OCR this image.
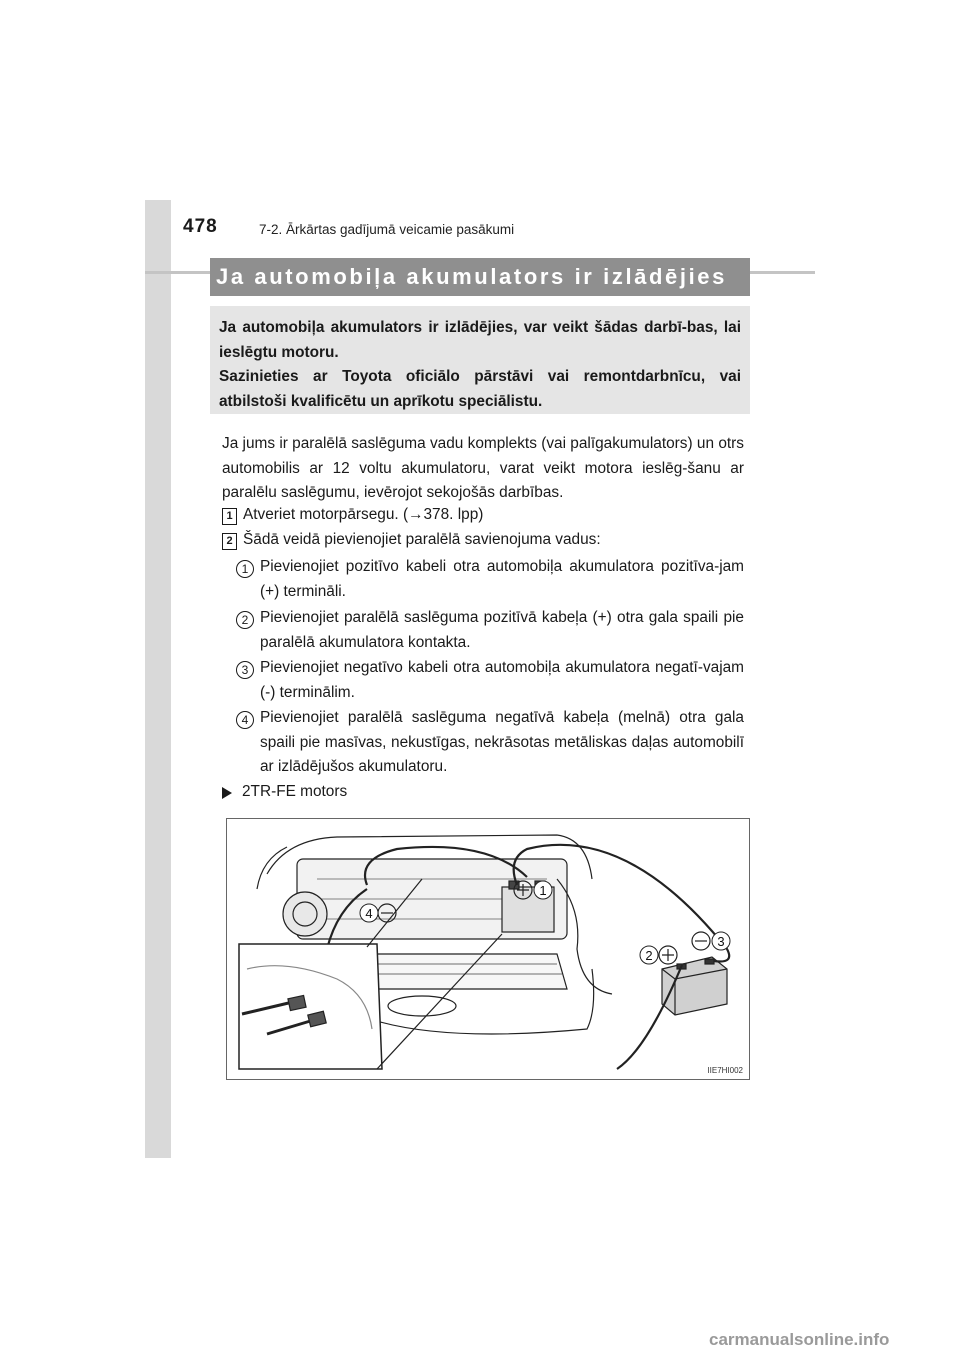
478	7-2. Ārkārtas gadījumā veicamie pasākumi
Ja automobiļa akumulators ir izlādējies

Ja automobiļa akumulators ir izlādējies, var veikt šādas darbī-bas, lai ieslēgtu motoru.

Sazinieties ar Toyota oficiālo pārstāvi vai remontdarbnīcu, vai atbilstoši kvalificētu un aprīkotu speciālistu.

Ja jums ir paralēlā saslēguma vadu komplekts (vai palīgakumulators) un otrs automobilis ar 12 voltu akumulatoru, varat veikt motora ieslēg-šanu ar paralēlu saslēgumu, ievērojot sekojošās darbības.

1 Atveriet motorpārsegu. (→378. lpp)
2 Šādā veidā pievienojiet paralēlā savienojuma vadus:
1 Pievienojiet pozitīvo kabeli otra automobiļa akumulatora pozitīva-jam (+) termināli.
2 Pievienojiet paralēlā saslēguma pozitīvā kabeļa (+) otra gala spaili pie paralēlā akumulatora kontakta.
3 Pievienojiet negatīvo kabeli otra automobiļa akumulatora negatī-vajam (-) terminālim.
4 Pievienojiet paralēlā saslēguma negatīvā kabeļa (melnā) otra gala spaili pie masīvas, nekustīgas, nekrāsotas metāliskas daļas automobilī ar izlādējušos akumulatoru.
2TR-FE motors
1
2
3
4
IIE7HI002
carmanualsonline.info
